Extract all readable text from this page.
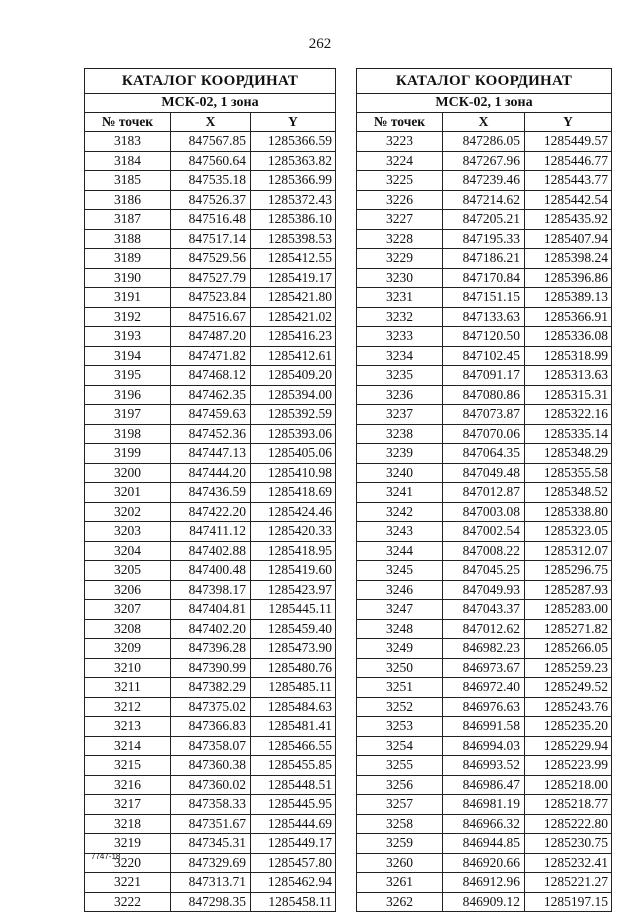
262
КАТАЛОГ КООРДИНАТ		
МСК-02, 1 зона		
№ точек	X	Y
3183	847567.85	1285366.59
3184	847560.64	1285363.82
3185	847535.18	1285366.99
3186	847526.37	1285372.43
3187	847516.48	1285386.10
3188	847517.14	1285398.53
3189	847529.56	1285412.55
3190	847527.79	1285419.17
3191	847523.84	1285421.80
3192	847516.67	1285421.02
3193	847487.20	1285416.23
3194	847471.82	1285412.61
3195	847468.12	1285409.20
3196	847462.35	1285394.00
3197	847459.63	1285392.59
3198	847452.36	1285393.06
3199	847447.13	1285405.06
3200	847444.20	1285410.98
3201	847436.59	1285418.69
3202	847422.20	1285424.46
3203	847411.12	1285420.33
3204	847402.88	1285418.95
3205	847400.48	1285419.60
3206	847398.17	1285423.97
3207	847404.81	1285445.11
3208	847402.20	1285459.40
3209	847396.28	1285473.90
3210	847390.99	1285480.76
3211	847382.29	1285485.11
3212	847375.02	1285484.63
3213	847366.83	1285481.41
3214	847358.07	1285466.55
3215	847360.38	1285455.85
3216	847360.02	1285448.51
3217	847358.33	1285445.95
3218	847351.67	1285444.69
3219	847345.31	1285449.17
3220	847329.69	1285457.80
3221	847313.71	1285462.94
3222	847298.35	1285458.11
КАТАЛОГ КООРДИНАТ		
МСК-02, 1 зона		
№ точек	X	Y
3223	847286.05	1285449.57
3224	847267.96	1285446.77
3225	847239.46	1285443.77
3226	847214.62	1285442.54
3227	847205.21	1285435.92
3228	847195.33	1285407.94
3229	847186.21	1285398.24
3230	847170.84	1285396.86
3231	847151.15	1285389.13
3232	847133.63	1285366.91
3233	847120.50	1285336.08
3234	847102.45	1285318.99
3235	847091.17	1285313.63
3236	847080.86	1285315.31
3237	847073.87	1285322.16
3238	847070.06	1285335.14
3239	847064.35	1285348.29
3240	847049.48	1285355.58
3241	847012.87	1285348.52
3242	847003.08	1285338.80
3243	847002.54	1285323.05
3244	847008.22	1285312.07
3245	847045.25	1285296.75
3246	847049.93	1285287.93
3247	847043.37	1285283.00
3248	847012.62	1285271.82
3249	846982.23	1285266.05
3250	846973.67	1285259.23
3251	846972.40	1285249.52
3252	846976.63	1285243.76
3253	846991.58	1285235.20
3254	846994.03	1285229.94
3255	846993.52	1285223.99
3256	846986.47	1285218.00
3257	846981.19	1285218.77
3258	846966.32	1285222.80
3259	846944.85	1285230.75
3260	846920.66	1285232.41
3261	846912.96	1285221.27
3262	846909.12	1285197.15
7747-18
